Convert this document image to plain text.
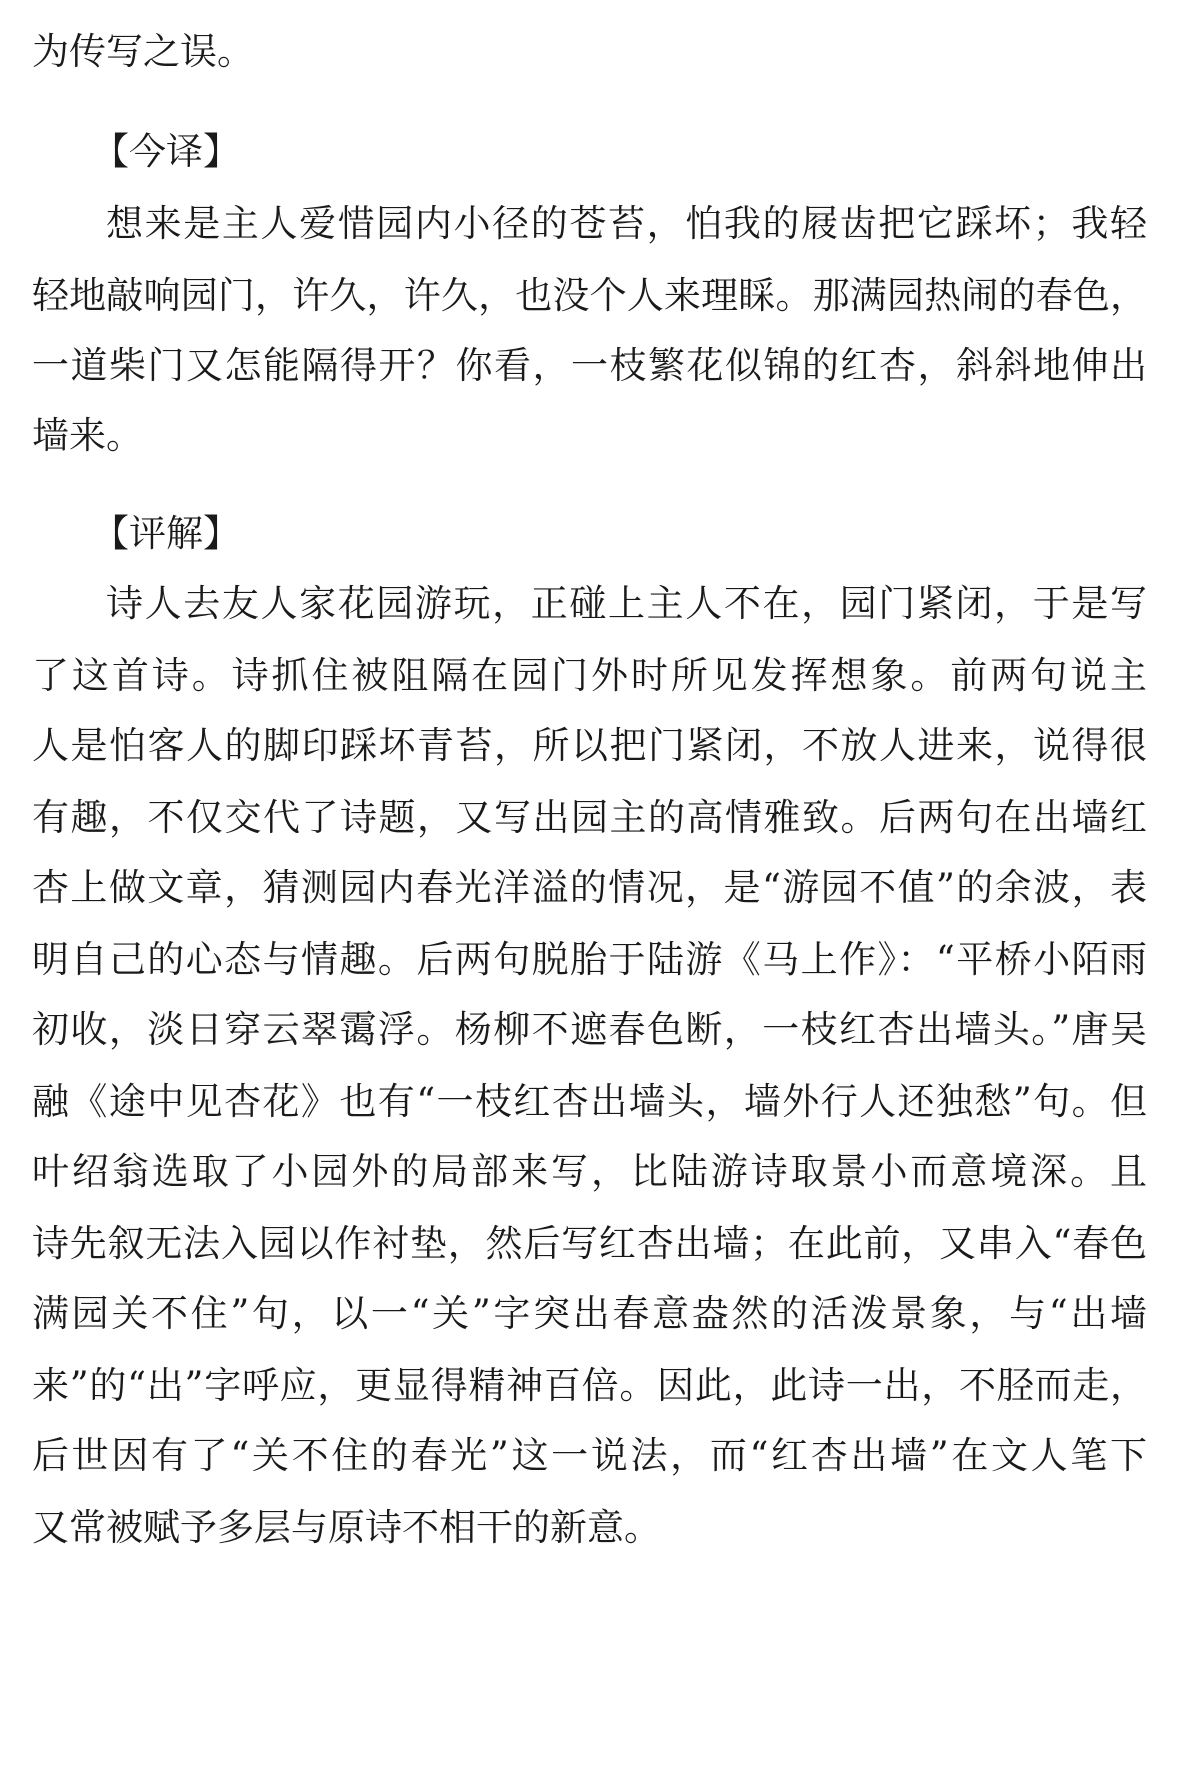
为传写之误。
【今译】
想来是主人爱惜园内小径的苍苔，怕我的屐齿把它踩坏；我轻
轻地敲响园门，许久，许久，也没个人来理睬。那满园热闹的春色，
一道柴门又怎能隔得开？你看，一枝繁花似锦的红杏，斜斜地伸出
墙来。
【评解】
诗人去友人家花园游玩，正碰上主人不在，园门紧闭，于是写
了这首诗。诗抓住被阻隔在园门外时所见发挥想象。前两句说主
人是怕客人的脚印踩坏青苔，所以把门紧闭，不放人进来，说得很
有趣，不仅交代了诗题，又写出园主的高情雅致。后两句在出墙红
杏上做文章，猜测园内春光洋溢的情况，是“游园不值”的余波，表
明自己的心态与情趣。后两句脱胎于陆游《马上作》：“平桥小陌雨
初收，淡日穿云翠霭浮。杨柳不遮春色断，一枝红杏出墙头。”唐吴
融《途中见杏花》也有“一枝红杏出墙头，墙外行人还独愁”句。但
叶绍翁选取了小园外的局部来写，比陆游诗取景小而意境深。且
诗先叙无法入园以作衬垫，然后写红杏出墙；在此前，又串入“春色
满园关不住”句，以一“关”字突出春意盎然的活泼景象，与“出墙
来”的“出”字呼应，更显得精神百倍。因此，此诗一出，不胫而走，
后世因有了“关不住的春光”这一说法，而“红杏出墙”在文人笔下
又常被赋予多层与原诗不相干的新意。
